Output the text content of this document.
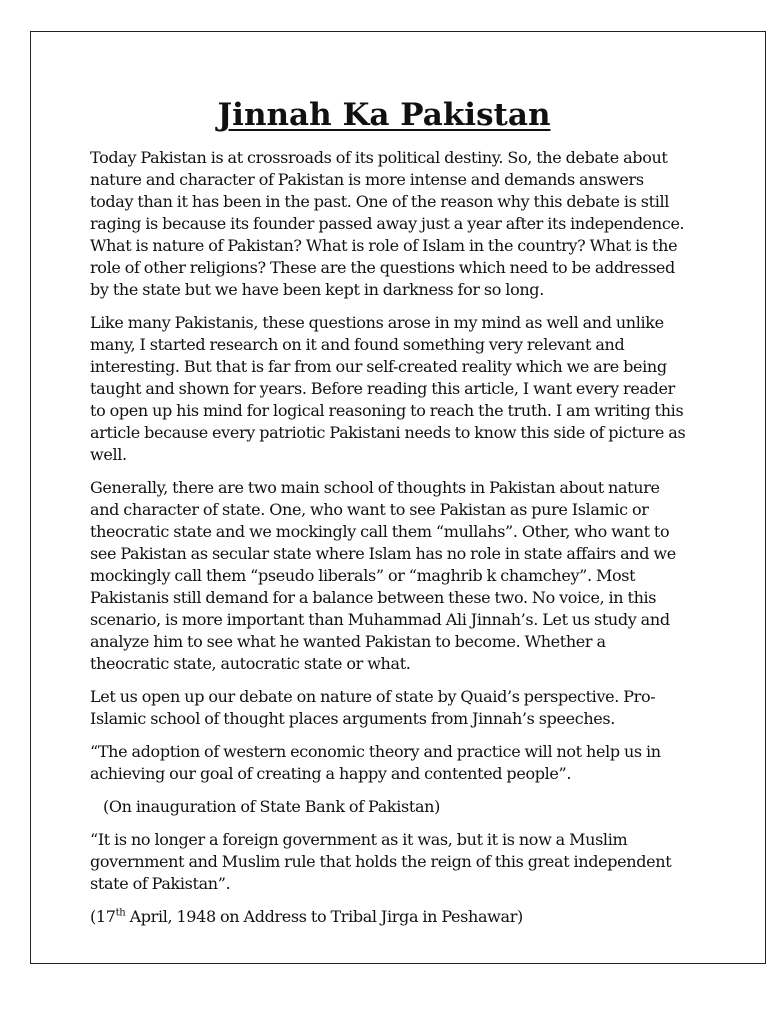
Jinnah Ka Pakistan

Today Pakistan is at crossroads of its political destiny. So, the debate about nature and character of Pakistan is more intense and demands answers today than it has been in the past. One of the reason why this debate is still raging is because its founder passed away just a year after its independence. What is nature of Pakistan? What is role of Islam in the country? What is the role of other religions? These are the questions which need to be addressed by the state but we have been kept in darkness for so long.

Like many Pakistanis, these questions arose in my mind as well and unlike many, I started research on it and found something very relevant and interesting. But that is far from our self-created reality which we are being taught and shown for years. Before reading this article, I want every reader to open up his mind for logical reasoning to reach the truth. I am writing this article because every patriotic Pakistani needs to know this side of picture as well.

Generally, there are two main school of thoughts in Pakistan about nature and character of state. One, who want to see Pakistan as pure Islamic or theocratic state and we mockingly call them “mullahs”. Other, who want to see Pakistan as secular state where Islam has no role in state affairs and we mockingly call them “pseudo liberals” or “maghrib k chamchey”. Most Pakistanis still demand for a balance between these two. No voice, in this scenario, is more important than Muhammad Ali Jinnah’s. Let us study and analyze him to see what he wanted Pakistan to become. Whether a theocratic state, autocratic state or what.

Let us open up our debate on nature of state by Quaid’s perspective. Pro-Islamic school of thought places arguments from Jinnah’s speeches.

“The adoption of western economic theory and practice will not help us in achieving our goal of creating a happy and contented people”.

(On inauguration of State Bank of Pakistan)

“It is no longer a foreign government as it was, but it is now a Muslim government and Muslim rule that holds the reign of this great independent state of Pakistan”.

(17th April, 1948 on Address to Tribal Jirga in Peshawar)
